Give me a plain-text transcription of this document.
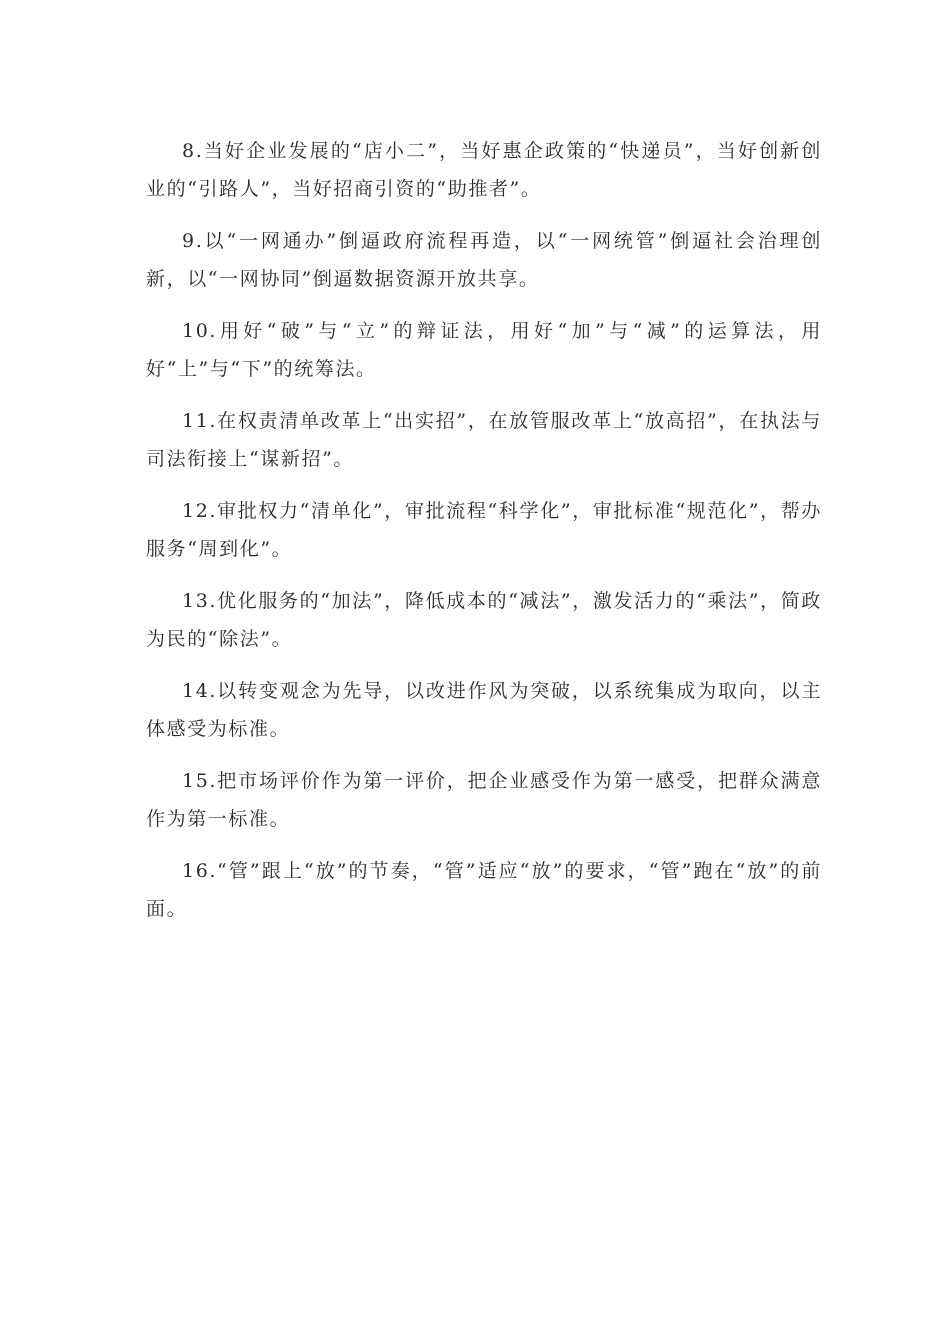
8.当好企业发展的“店小二”，当好惠企政策的“快递员”，当好创新创业的“引路人”，当好招商引资的“助推者”。

9.以“一网通办”倒逼政府流程再造，以“一网统管”倒逼社会治理创新，以“一网协同”倒逼数据资源开放共享。

10.用好“破”与“立”的辩证法，用好“加”与“减”的运算法，用好“上”与“下”的统筹法。

11.在权责清单改革上“出实招”，在放管服改革上“放高招”，在执法与司法衔接上“谋新招”。

12.审批权力“清单化”，审批流程“科学化”，审批标准“规范化”，帮办服务“周到化”。

13.优化服务的“加法”，降低成本的“减法”，激发活力的“乘法”，简政为民的“除法”。

14.以转变观念为先导，以改进作风为突破，以系统集成为取向，以主体感受为标准。

15.把市场评价作为第一评价，把企业感受作为第一感受，把群众满意作为第一标准。

16.“管”跟上“放”的节奏，“管”适应“放”的要求，“管”跑在“放”的前面。
